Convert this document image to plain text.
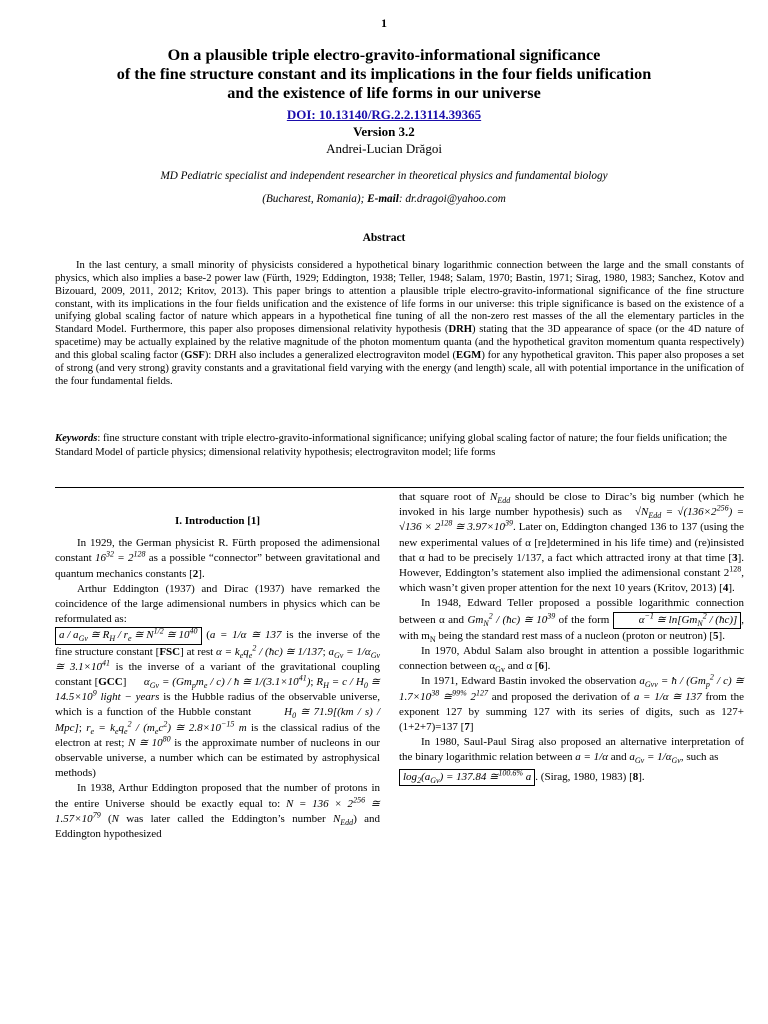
1
On a plausible triple electro-gravito-informational significance
of the fine structure constant and its implications in the four fields unification
and the existence of life forms in our universe
DOI: 10.13140/RG.2.2.13114.39365
Version 3.2
Andrei-Lucian Drăgoi
MD Pediatric specialist and independent researcher in theoretical physics and fundamental biology
(Bucharest, Romania); E-mail: dr.dragoi@yahoo.com
Abstract

In the last century, a small minority of physicists considered a hypothetical binary logarithmic connection between the large and the small constants of physics, which also implies a base-2 power law (Fürth, 1929; Eddington, 1938; Teller, 1948; Salam, 1970; Bastin, 1971; Sirag, 1980, 1983; Sanchez, Kotov and Bizouard, 2009, 2011, 2012; Kritov, 2013). This paper brings to attention a plausible triple electro-gravito-informational significance of the fine structure constant, with its implications in the four fields unification and the existence of life forms in our universe: this triple significance is based on the existence of a unifying global scaling factor of nature which appears in a hypothetical fine tuning of all the non-zero rest masses of the all the elementary particles in the Standard Model. Furthermore, this paper also proposes dimensional relativity hypothesis (DRH) stating that the 3D appearance of space (or the 4D nature of spacetime) may be actually explained by the relative magnitude of the photon momentum quanta (and the hypothetical graviton momentum quanta respectively) and this global scaling factor (GSF): DRH also includes a generalized electrograviton model (EGM) for any hypothetical graviton. This paper also proposes a set of strong (and very strong) gravity constants and a gravitational field varying with the energy (and length) scale, all with potential importance in the unification of the four fundamental fields.

Keywords: fine structure constant with triple electro-gravito-informational significance; unifying global scaling factor of nature; the four fields unification; the Standard Model of particle physics; dimensional relativity hypothesis; electrograviton model; life forms
I. Introduction [1]

In 1929, the German physicist R. Fürth proposed the adimensional constant $16^{32} = 2^{128}$ as a possible “connector” between gravitational and quantum mechanics constants [2].

Arthur Eddington (1937) and Dirac (1937) have remarked the coincidence of the large adimensional numbers in physics which can be reformulated as:

a / $a_{Gv}$ ≅ $R_H / r_e$ ≅ $N^{1/2}$ ≅ $10^{40}$ (a = 1/α ≅ 137 is the inverse of the fine structure constant [FSC] at rest $\alpha = k_eq_e^2$ / (ħc) ≅ 1/137; $a_{Gv} = 1/\alpha_{Gv}$ ≅ $3.1\times 10^{41}$ is the inverse of a variant of the gravitational coupling constant [GCC] $\alpha_{Gv} = (Gm_pm_e / c)$ / ħ ≅ $1/(3.1\times 10^{41})$; $R_H = c / H_0$ ≅ $14.5\times 10^9$ light − years is the Hubble radius of the observable universe, which is a function of the Hubble constant	$H_0$ ≅ 71.9[(km / s) / Mpc]; $r_e = k_eq_e^2 / (m_ec^2)$ ≅ $2.8\times 10^{-15}$ m is the classical radius of the electron at rest; N ≅ $10^{80}$ is the approximate number of nucleons in our observable universe, a number which can be estimated by astrophysical methods)

In 1938, Arthur Eddington proposed that the number of protons in the entire Universe should be exactly equal to: $N = 136 \times 2^{256}$ ≅ $1.57\times 10^{79}$ (N was later called the Eddington’s number $N_{Edd}$) and Eddington hypothesized

that square root of $N_{Edd}$ should be close to Dirac’s big number (which he invoked in his large number hypothesis) such as $√N_{Edd} = √(136\times 2^{256}) = √136 \times 2^{128}$ ≅ $3.97\times 10^{39}$. Later on, Eddington changed 136 to 137 (using the new experimental values of α [re]determined in his life time) and (re)insisted that α had to be precisely 1/137, a fact which attracted irony at that time [3]. However, Eddington’s statement also implied the adimensional constant $2^{128}$, which wasn’t given proper attention for the next 10 years (Kritov, 2013) [4].

In 1948, Edward Teller proposed a possible logarithmic connection between α and $Gm_N^2$ / (ħc) ≅ $10^{39}$ of the form $\alpha^{-1}$ ≅ $\ln[Gm_N^2$ / (ħc)] , with $m_N$ being the standard rest mass of a nucleon (proton or neutron) [5].

In 1970, Abdul Salam also brought in attention a possible logarithmic connection between $\alpha_{Gv}$ and α [6].

In 1971, Edward Bastin invoked the observation $a_{Gvv}$ = ħ / $(Gm_p^2 / c)$ ≅ $1.7\times 10^{38}$ ≅$^{99\%}$ $2^{127}$ and proposed the derivation of a = 1/α ≅ 137 from the exponent 127 by summing 127 with its series of digits, such as 127+(1+2+7)=137 [7]

In 1980, Saul-Paul Sirag also proposed an alternative interpretation of the binary logarithmic relation between a = 1/α and $a_{Gv} = 1/\alpha_{Gv}$, such as

$\log_2(a_{Gv}) = 137.84$ ≅$^{100.6\%}$ a . (Sirag, 1980, 1983) [8].
